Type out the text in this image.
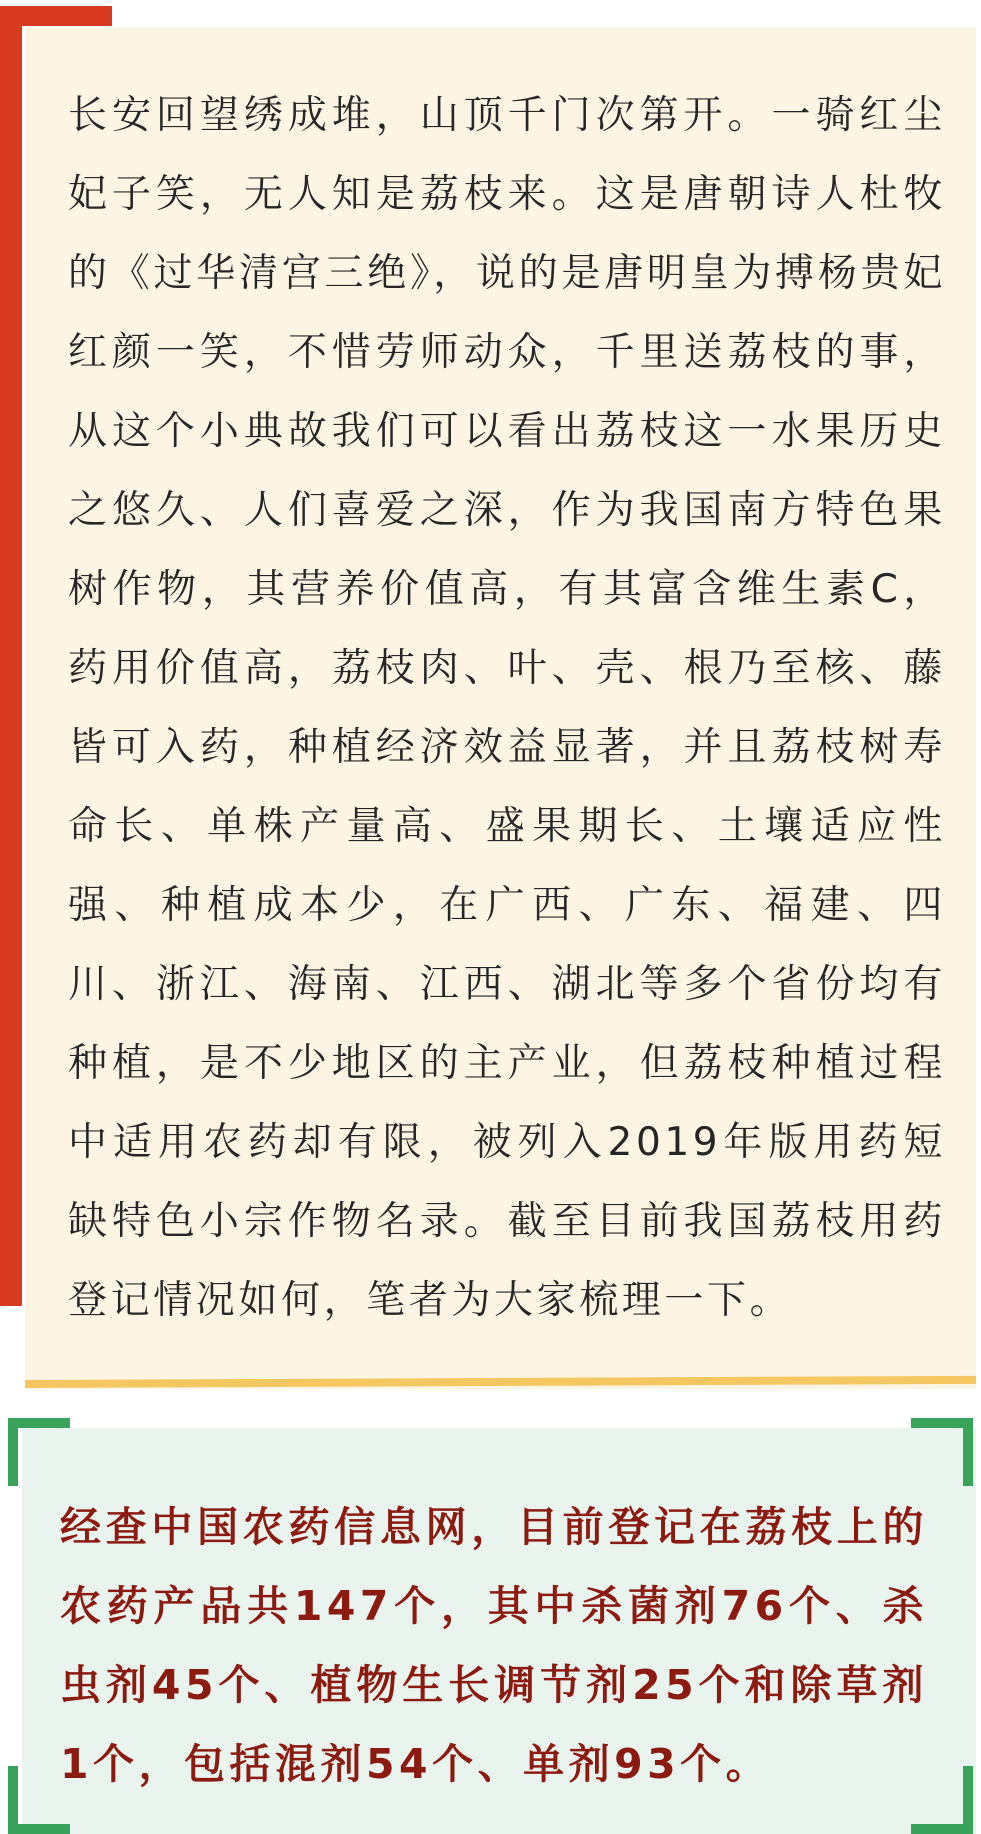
长安回望绣成堆，山顶千门次第开。一骑红尘妃子笑，无人知是荔枝来。这是唐朝诗人杜牧的《过华清宫三绝》，说的是唐明皇为搏杨贵妃红颜一笑，不惜劳师动众，千里送荔枝的事，从这个小典故我们可以看出荔枝这一水果历史之悠久、人们喜爱之深，作为我国南方特色果树作物，其营养价值高，有其富含维生素C，药用价值高，荔枝肉、叶、壳、根乃至核、藤皆可入药，种植经济效益显著，并且荔枝树寿命长、单株产量高、盛果期长、土壤适应性强、种植成本少，在广西、广东、福建、四川、浙江、海南、江西、湖北等多个省份均有种植，是不少地区的主产业，但荔枝种植过程中适用农药却有限，被列入2019年版用药短缺特色小宗作物名录。截至目前我国荔枝用药登记情况如何，笔者为大家梳理一下。

经查中国农药信息网，目前登记在荔枝上的农药产品共147个，其中杀菌剂76个、杀虫剂45个、植物生长调节剂25个和除草剂1个，包括混剂54个、单剂93个。
